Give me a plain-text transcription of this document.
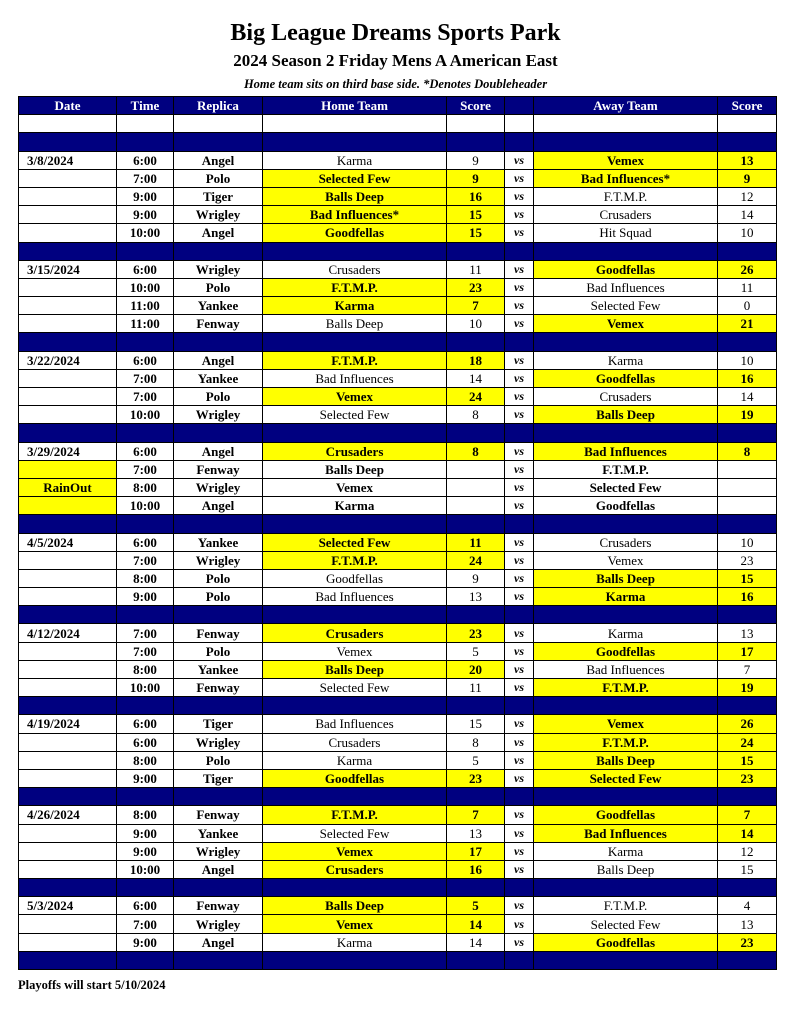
Big League Dreams Sports Park
2024 Season 2 Friday Mens A American East
Home team sits on third base side. *Denotes Doubleheader
Date	Time	Replica	Home Team	Score		Away Team	Score

3/8/2024	6:00	Angel	Karma	9	vs	Vemex	13
	7:00	Polo	Selected Few	9	vs	Bad Influences*	9
	9:00	Tiger	Balls Deep	16	vs	F.T.M.P.	12
	9:00	Wrigley	Bad Influences*	15	vs	Crusaders	14
	10:00	Angel	Goodfellas	15	vs	Hit Squad	10

3/15/2024	6:00	Wrigley	Crusaders	11	vs	Goodfellas	26
	10:00	Polo	F.T.M.P.	23	vs	Bad Influences	11
	11:00	Yankee	Karma	7	vs	Selected Few	0
	11:00	Fenway	Balls Deep	10	vs	Vemex	21

3/22/2024	6:00	Angel	F.T.M.P.	18	vs	Karma	10
	7:00	Yankee	Bad Influences	14	vs	Goodfellas	16
	7:00	Polo	Vemex	24	vs	Crusaders	14
	10:00	Wrigley	Selected Few	8	vs	Balls Deep	19

3/29/2024	6:00	Angel	Crusaders	8	vs	Bad Influences	8
	7:00	Fenway	Balls Deep		vs	F.T.M.P.	
RainOut	8:00	Wrigley	Vemex		vs	Selected Few	
	10:00	Angel	Karma		vs	Goodfellas	

4/5/2024	6:00	Yankee	Selected Few	11	vs	Crusaders	10
	7:00	Wrigley	F.T.M.P.	24	vs	Vemex	23
	8:00	Polo	Goodfellas	9	vs	Balls Deep	15
	9:00	Polo	Bad Influences	13	vs	Karma	16

4/12/2024	7:00	Fenway	Crusaders	23	vs	Karma	13
	7:00	Polo	Vemex	5	vs	Goodfellas	17
	8:00	Yankee	Balls Deep	20	vs	Bad Influences	7
	10:00	Fenway	Selected Few	11	vs	F.T.M.P.	19

4/19/2024	6:00	Tiger	Bad Influences	15	vs	Vemex	26
	6:00	Wrigley	Crusaders	8	vs	F.T.M.P.	24
	8:00	Polo	Karma	5	vs	Balls Deep	15
	9:00	Tiger	Goodfellas	23	vs	Selected Few	23

4/26/2024	8:00	Fenway	F.T.M.P.	7	vs	Goodfellas	7
	9:00	Yankee	Selected Few	13	vs	Bad Influences	14
	9:00	Wrigley	Vemex	17	vs	Karma	12
	10:00	Angel	Crusaders	16	vs	Balls Deep	15

5/3/2024	6:00	Fenway	Balls Deep	5	vs	F.T.M.P.	4
	7:00	Wrigley	Vemex	14	vs	Selected Few	13
	9:00	Angel	Karma	14	vs	Goodfellas	23

Playoffs will start 5/10/2024
